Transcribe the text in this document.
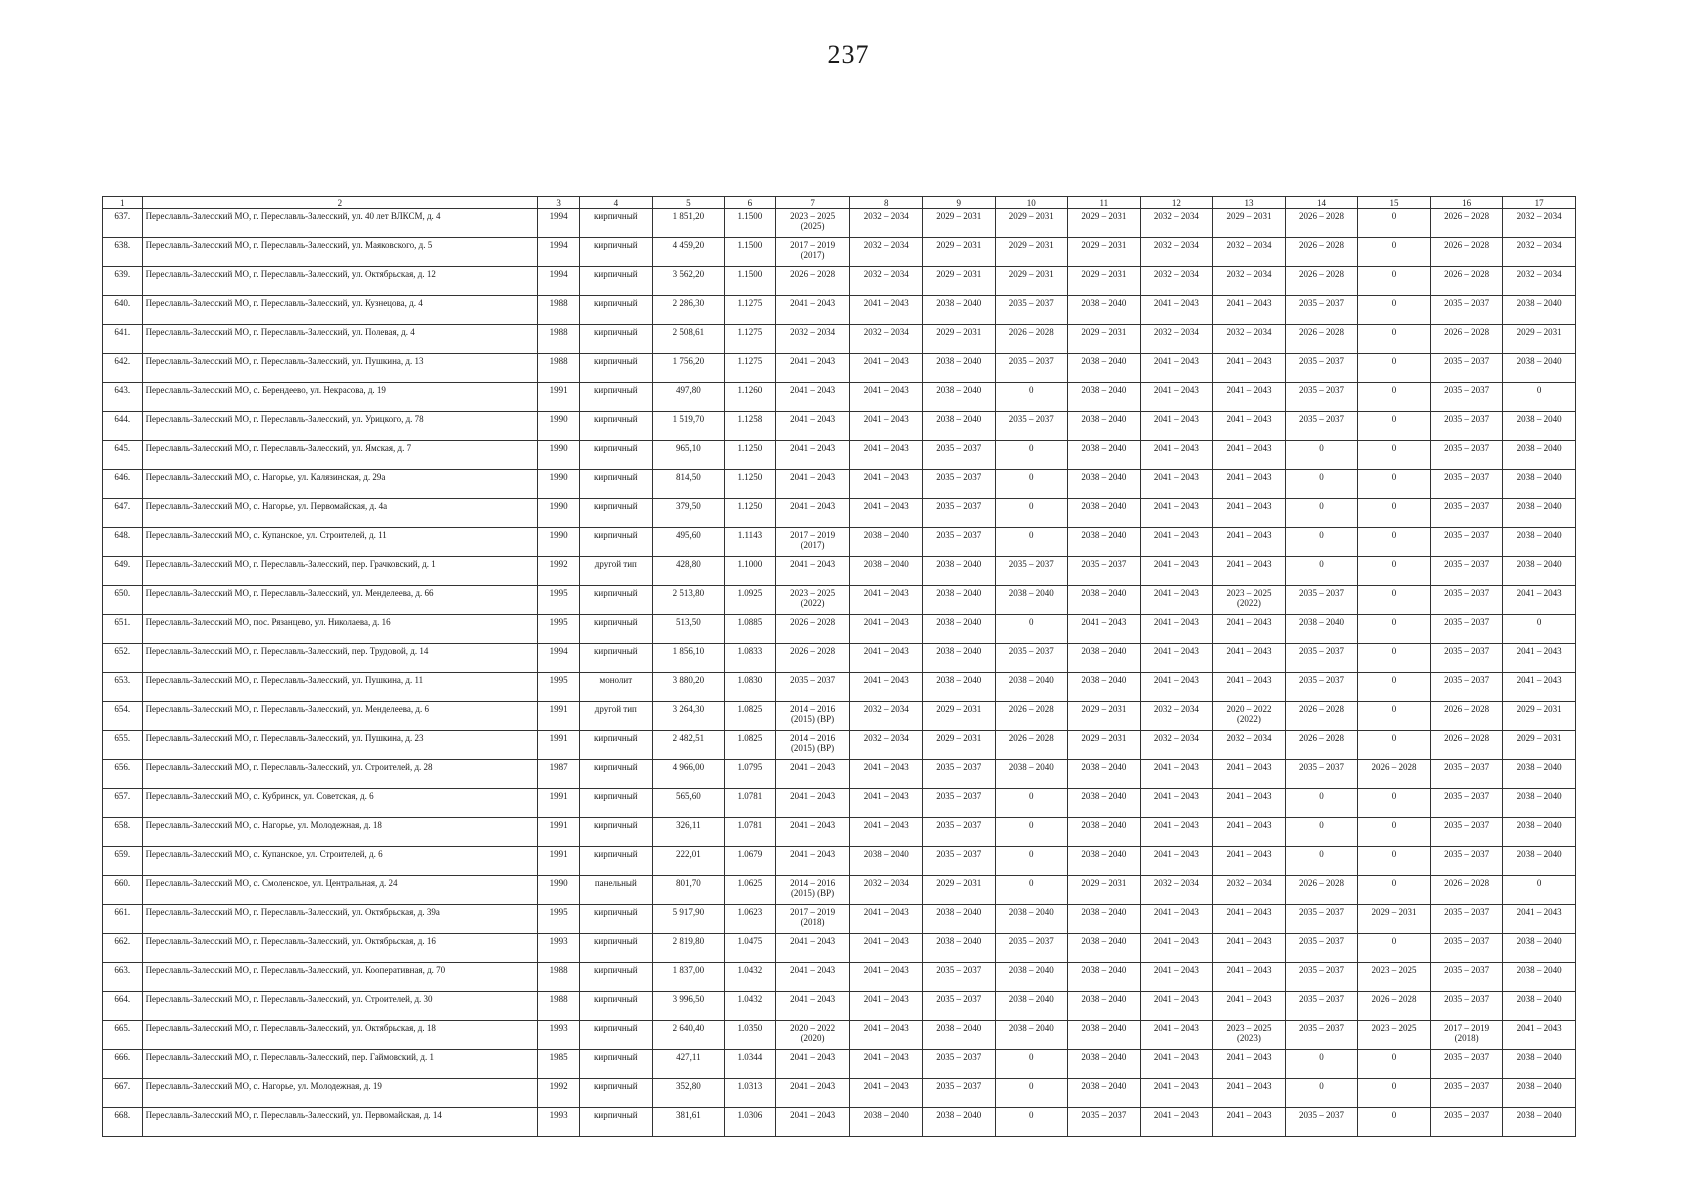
237
1	2	3	4	5	6	7	8	9	10	11	12	13	14	15	16	17

637.	Переславль-Залесский МО, г. Переславль-Залесский, ул. 40 лет ВЛКСМ, д. 4	1994	кирпичный	1 851,20	1.1500	2023 – 2025
(2025)	2032 – 2034	2029 – 2031	2029 – 2031	2029 – 2031	2032 – 2034	2029 – 2031	2026 – 2028	0	2026 – 2028	2032 – 2034

638.	Переславль-Залесский МО, г. Переславль-Залесский, ул. Маяковского, д. 5	1994	кирпичный	4 459,20	1.1500	2017 – 2019
(2017)	2032 – 2034	2029 – 2031	2029 – 2031	2029 – 2031	2032 – 2034	2032 – 2034	2026 – 2028	0	2026 – 2028	2032 – 2034

639.	Переславль-Залесский МО, г. Переславль-Залесский, ул. Октябрьская, д. 12	1994	кирпичный	3 562,20	1.1500	2026 – 2028	2032 – 2034	2029 – 2031	2029 – 2031	2029 – 2031	2032 – 2034	2032 – 2034	2026 – 2028	0	2026 – 2028	2032 – 2034

640.	Переславль-Залесский МО, г. Переславль-Залесский, ул. Кузнецова, д. 4	1988	кирпичный	2 286,30	1.1275	2041 – 2043	2041 – 2043	2038 – 2040	2035 – 2037	2038 – 2040	2041 – 2043	2041 – 2043	2035 – 2037	0	2035 – 2037	2038 – 2040

641.	Переславль-Залесский МО, г. Переславль-Залесский, ул. Полевая, д. 4	1988	кирпичный	2 508,61	1.1275	2032 – 2034	2032 – 2034	2029 – 2031	2026 – 2028	2029 – 2031	2032 – 2034	2032 – 2034	2026 – 2028	0	2026 – 2028	2029 – 2031

642.	Переславль-Залесский МО, г. Переславль-Залесский, ул. Пушкина, д. 13	1988	кирпичный	1 756,20	1.1275	2041 – 2043	2041 – 2043	2038 – 2040	2035 – 2037	2038 – 2040	2041 – 2043	2041 – 2043	2035 – 2037	0	2035 – 2037	2038 – 2040

643.	Переславль-Залесский МО, с. Берендеево, ул. Некрасова, д. 19	1991	кирпичный	497,80	1.1260	2041 – 2043	2041 – 2043	2038 – 2040	0	2038 – 2040	2041 – 2043	2041 – 2043	2035 – 2037	0	2035 – 2037	0

644.	Переславль-Залесский МО, г. Переславль-Залесский, ул. Урицкого, д. 78	1990	кирпичный	1 519,70	1.1258	2041 – 2043	2041 – 2043	2038 – 2040	2035 – 2037	2038 – 2040	2041 – 2043	2041 – 2043	2035 – 2037	0	2035 – 2037	2038 – 2040

645.	Переславль-Залесский МО, г. Переславль-Залесский, ул. Ямская, д. 7	1990	кирпичный	965,10	1.1250	2041 – 2043	2041 – 2043	2035 – 2037	0	2038 – 2040	2041 – 2043	2041 – 2043	0	0	2035 – 2037	2038 – 2040

646.	Переславль-Залесский МО, с. Нагорье, ул. Калязинская, д. 29а	1990	кирпичный	814,50	1.1250	2041 – 2043	2041 – 2043	2035 – 2037	0	2038 – 2040	2041 – 2043	2041 – 2043	0	0	2035 – 2037	2038 – 2040

647.	Переславль-Залесский МО, с. Нагорье, ул. Первомайская, д. 4а	1990	кирпичный	379,50	1.1250	2041 – 2043	2041 – 2043	2035 – 2037	0	2038 – 2040	2041 – 2043	2041 – 2043	0	0	2035 – 2037	2038 – 2040

648.	Переславль-Залесский МО, с. Купанское, ул. Строителей, д. 11	1990	кирпичный	495,60	1.1143	2017 – 2019
(2017)	2038 – 2040	2035 – 2037	0	2038 – 2040	2041 – 2043	2041 – 2043	0	0	2035 – 2037	2038 – 2040

649.	Переславль-Залесский МО, г. Переславль-Залесский, пер. Грачковский, д. 1	1992	другой тип	428,80	1.1000	2041 – 2043	2038 – 2040	2038 – 2040	2035 – 2037	2035 – 2037	2041 – 2043	2041 – 2043	0	0	2035 – 2037	2038 – 2040

650.	Переславль-Залесский МО, г. Переславль-Залесский, ул. Менделеева, д. 66	1995	кирпичный	2 513,80	1.0925	2023 – 2025
(2022)	2041 – 2043	2038 – 2040	2038 – 2040	2038 – 2040	2041 – 2043	2023 – 2025
(2022)	2035 – 2037	0	2035 – 2037	2041 – 2043

651.	Переславль-Залесский МО, пос. Рязанцево, ул. Николаева, д. 16	1995	кирпичный	513,50	1.0885	2026 – 2028	2041 – 2043	2038 – 2040	0	2041 – 2043	2041 – 2043	2041 – 2043	2038 – 2040	0	2035 – 2037	0

652.	Переславль-Залесский МО, г. Переславль-Залесский, пер. Трудовой, д. 14	1994	кирпичный	1 856,10	1.0833	2026 – 2028	2041 – 2043	2038 – 2040	2035 – 2037	2038 – 2040	2041 – 2043	2041 – 2043	2035 – 2037	0	2035 – 2037	2041 – 2043

653.	Переславль-Залесский МО, г. Переславль-Залесский, ул. Пушкина, д. 11	1995	монолит	3 880,20	1.0830	2035 – 2037	2041 – 2043	2038 – 2040	2038 – 2040	2038 – 2040	2041 – 2043	2041 – 2043	2035 – 2037	0	2035 – 2037	2041 – 2043

654.	Переславль-Залесский МО, г. Переславль-Залесский, ул. Менделеева, д. 6	1991	другой тип	3 264,30	1.0825	2014 – 2016
(2015) (ВР)	2032 – 2034	2029 – 2031	2026 – 2028	2029 – 2031	2032 – 2034	2020 – 2022
(2022)	2026 – 2028	0	2026 – 2028	2029 – 2031

655.	Переславль-Залесский МО, г. Переславль-Залесский, ул. Пушкина, д. 23	1991	кирпичный	2 482,51	1.0825	2014 – 2016
(2015) (ВР)	2032 – 2034	2029 – 2031	2026 – 2028	2029 – 2031	2032 – 2034	2032 – 2034	2026 – 2028	0	2026 – 2028	2029 – 2031

656.	Переславль-Залесский МО, г. Переславль-Залесский, ул. Строителей, д. 28	1987	кирпичный	4 966,00	1.0795	2041 – 2043	2041 – 2043	2035 – 2037	2038 – 2040	2038 – 2040	2041 – 2043	2041 – 2043	2035 – 2037	2026 – 2028	2035 – 2037	2038 – 2040

657.	Переславль-Залесский МО, с. Кубринск, ул. Советская, д. 6	1991	кирпичный	565,60	1.0781	2041 – 2043	2041 – 2043	2035 – 2037	0	2038 – 2040	2041 – 2043	2041 – 2043	0	0	2035 – 2037	2038 – 2040

658.	Переславль-Залесский МО, с. Нагорье, ул. Молодежная, д. 18	1991	кирпичный	326,11	1.0781	2041 – 2043	2041 – 2043	2035 – 2037	0	2038 – 2040	2041 – 2043	2041 – 2043	0	0	2035 – 2037	2038 – 2040

659.	Переславль-Залесский МО, с. Купанское, ул. Строителей, д. 6	1991	кирпичный	222,01	1.0679	2041 – 2043	2038 – 2040	2035 – 2037	0	2038 – 2040	2041 – 2043	2041 – 2043	0	0	2035 – 2037	2038 – 2040

660.	Переславль-Залесский МО, с. Смоленское, ул. Центральная, д. 24	1990	панельный	801,70	1.0625	2014 – 2016
(2015) (ВР)	2032 – 2034	2029 – 2031	0	2029 – 2031	2032 – 2034	2032 – 2034	2026 – 2028	0	2026 – 2028	0

661.	Переславль-Залесский МО, г. Переславль-Залесский, ул. Октябрьская, д. 39а	1995	кирпичный	5 917,90	1.0623	2017 – 2019
(2018)	2041 – 2043	2038 – 2040	2038 – 2040	2038 – 2040	2041 – 2043	2041 – 2043	2035 – 2037	2029 – 2031	2035 – 2037	2041 – 2043

662.	Переславль-Залесский МО, г. Переславль-Залесский, ул. Октябрьская, д. 16	1993	кирпичный	2 819,80	1.0475	2041 – 2043	2041 – 2043	2038 – 2040	2035 – 2037	2038 – 2040	2041 – 2043	2041 – 2043	2035 – 2037	0	2035 – 2037	2038 – 2040

663.	Переславль-Залесский МО, г. Переславль-Залесский, ул. Кооперативная, д. 70	1988	кирпичный	1 837,00	1.0432	2041 – 2043	2041 – 2043	2035 – 2037	2038 – 2040	2038 – 2040	2041 – 2043	2041 – 2043	2035 – 2037	2023 – 2025	2035 – 2037	2038 – 2040

664.	Переславль-Залесский МО, г. Переславль-Залесский, ул. Строителей, д. 30	1988	кирпичный	3 996,50	1.0432	2041 – 2043	2041 – 2043	2035 – 2037	2038 – 2040	2038 – 2040	2041 – 2043	2041 – 2043	2035 – 2037	2026 – 2028	2035 – 2037	2038 – 2040

665.	Переславль-Залесский МО, г. Переславль-Залесский, ул. Октябрьская, д. 18	1993	кирпичный	2 640,40	1.0350	2020 – 2022
(2020)	2041 – 2043	2038 – 2040	2038 – 2040	2038 – 2040	2041 – 2043	2023 – 2025
(2023)	2035 – 2037	2023 – 2025	2017 – 2019
(2018)	2041 – 2043

666.	Переславль-Залесский МО, г. Переславль-Залесский, пер. Гаймовский, д. 1	1985	кирпичный	427,11	1.0344	2041 – 2043	2041 – 2043	2035 – 2037	0	2038 – 2040	2041 – 2043	2041 – 2043	0	0	2035 – 2037	2038 – 2040

667.	Переславль-Залесский МО, с. Нагорье, ул. Молодежная, д. 19	1992	кирпичный	352,80	1.0313	2041 – 2043	2041 – 2043	2035 – 2037	0	2038 – 2040	2041 – 2043	2041 – 2043	0	0	2035 – 2037	2038 – 2040

668.	Переславль-Залесский МО, г. Переславль-Залесский, ул. Первомайская, д. 14	1993	кирпичный	381,61	1.0306	2041 – 2043	2038 – 2040	2038 – 2040	0	2035 – 2037	2041 – 2043	2041 – 2043	2035 – 2037	0	2035 – 2037	2038 – 2040
